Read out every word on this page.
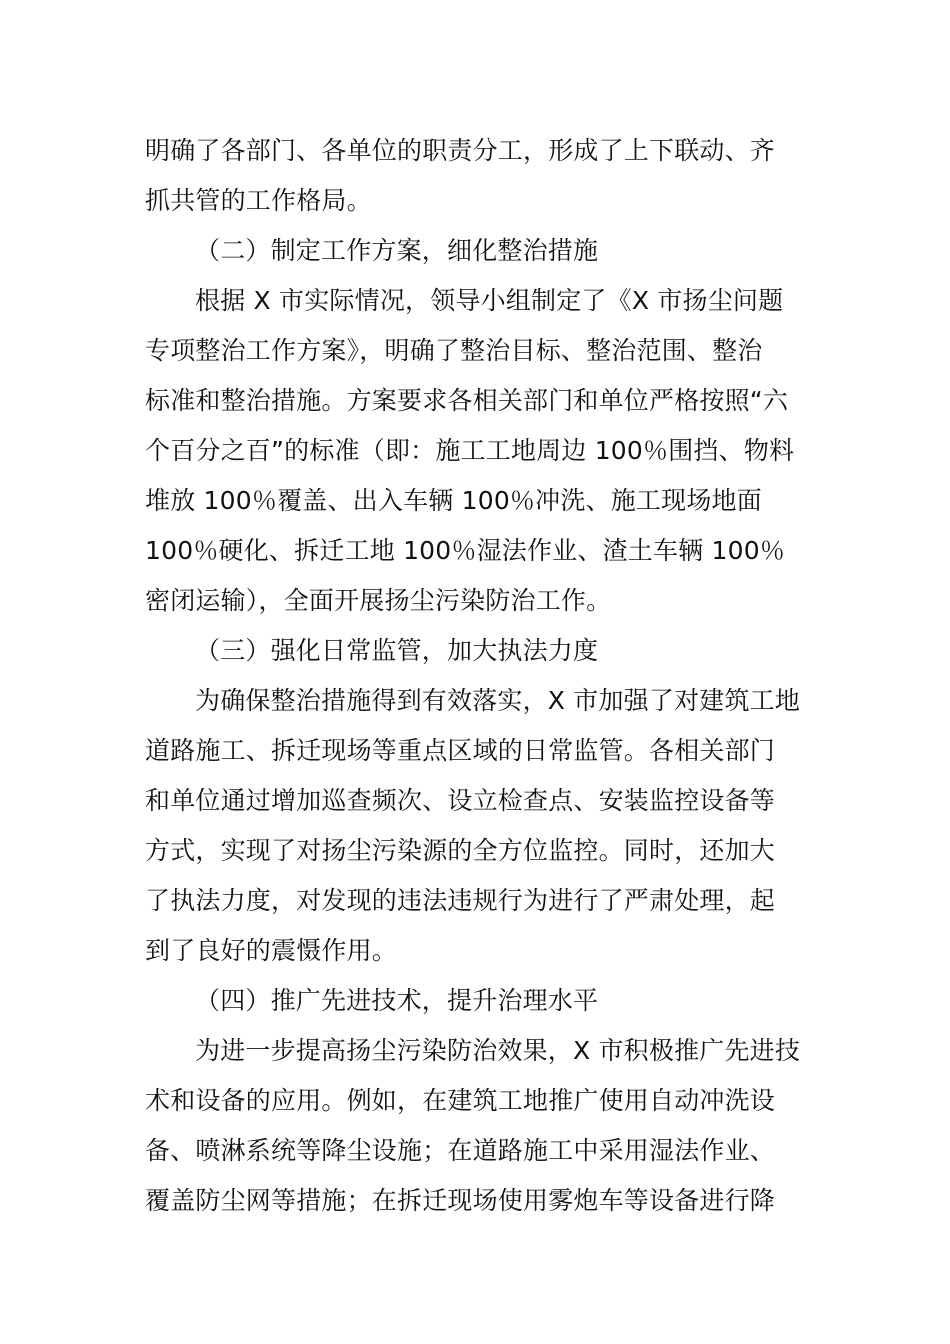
明确了各部门、各单位的职责分工，形成了上下联动、齐
抓共管的工作格局。
（二）制定工作方案，细化整治措施
根据 X 市实际情况，领导小组制定了《X 市扬尘问题
专项整治工作方案》，明确了整治目标、整治范围、整治
标准和整治措施。方案要求各相关部门和单位严格按照“六
个百分之百”的标准（即：施工工地周边 100％围挡、物料
堆放 100％覆盖、出入车辆 100％冲洗、施工现场地面
100％硬化、拆迁工地 100％湿法作业、渣土车辆 100％
密闭运输），全面开展扬尘污染防治工作。
（三）强化日常监管，加大执法力度
为确保整治措施得到有效落实，X 市加强了对建筑工地
道路施工、拆迁现场等重点区域的日常监管。各相关部门
和单位通过增加巡查频次、设立检查点、安装监控设备等
方式，实现了对扬尘污染源的全方位监控。同时，还加大
了执法力度，对发现的违法违规行为进行了严肃处理，起
到了良好的震慑作用。
（四）推广先进技术，提升治理水平
为进一步提高扬尘污染防治效果，X 市积极推广先进技
术和设备的应用。例如，在建筑工地推广使用自动冲洗设
备、喷淋系统等降尘设施；在道路施工中采用湿法作业、
覆盖防尘网等措施；在拆迁现场使用雾炮车等设备进行降
